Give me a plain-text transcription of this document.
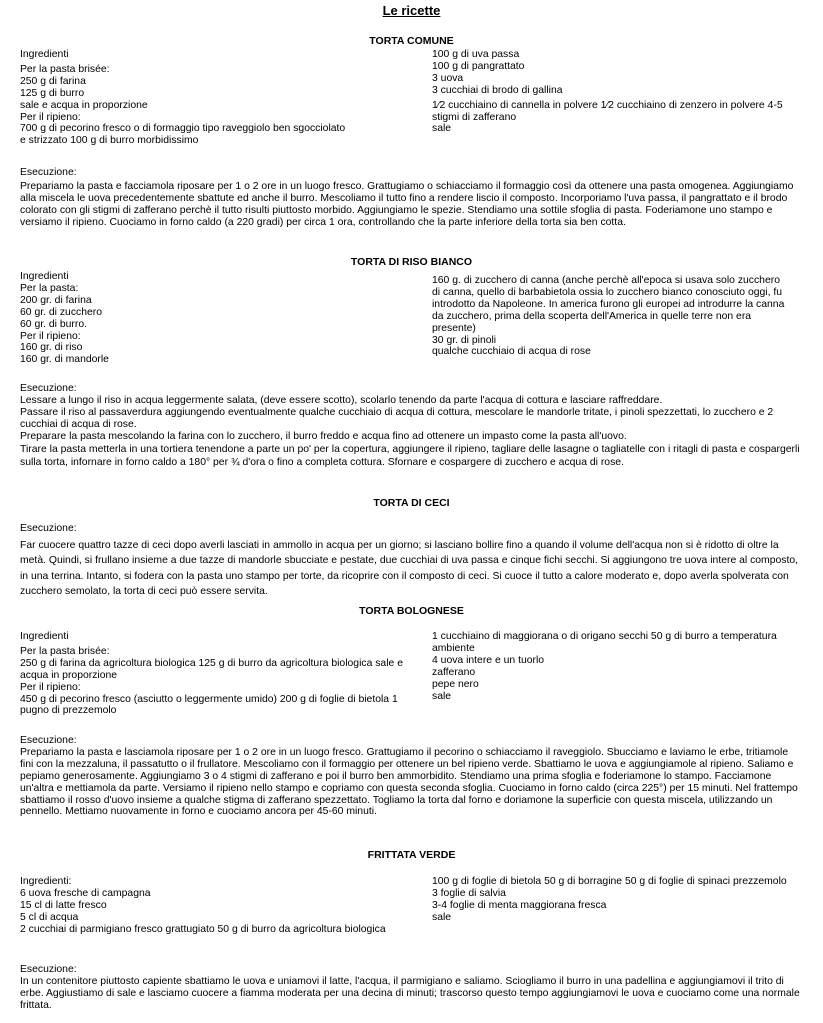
Le ricette
TORTA COMUNE
Ingredienti
Per la pasta brisée:
250 g di farina
125 g di burro
sale e acqua in proporzione
Per il ripieno:
700 g di pecorino fresco o di formaggio tipo raveggiolo ben sgocciolato
e strizzato 100 g di burro morbidissimo
100 g di uva passa
100 g di pangrattato
3 uova
3 cucchiai di brodo di gallina
1⁄2 cucchiaino di cannella in polvere 1⁄2 cucchiaino di zenzero in polvere 4-5 stigmi di zafferano
sale
Esecuzione:
Prepariamo la pasta e facciamola riposare per 1 o 2 ore in un luogo fresco. Grattugiamo o schiacciamo il formaggio così da ottenere una pasta omogenea. Aggiungiamo alla miscela le uova precedentemente sbattute ed anche il burro. Mescoliamo il tutto fino a rendere liscio il composto. Incorporiamo l'uva passa, il pangrattato e il brodo colorato con gli stigmi di zafferano perchè il tutto risulti piuttosto morbido. Aggiungiamo le spezie. Stendiamo una sottile sfoglia di pasta. Foderiamone uno stampo e versiamo il ripieno. Cuociamo in forno caldo (a 220 gradi) per circa 1 ora, controllando che la parte inferiore della torta sia ben cotta.
TORTA DI RISO BIANCO
Ingredienti
Per la pasta:
200 gr. di farina
60 gr. di zucchero
60 gr. di burro.
Per il ripieno:
160 gr. di riso
160 gr. di mandorle
160 g. di zucchero di canna (anche perchè all'epoca si usava solo zucchero di canna, quello di barbabietola ossia lo zucchero bianco conosciuto oggi, fu introdotto da Napoleone. In america furono gli europei ad introdurre la canna da zucchero, prima della scoperta dell'America in quelle terre non era presente)
30 gr. di pinoli
qualche cucchiaio di acqua di rose
Esecuzione:
Lessare a lungo il riso in acqua leggermente salata, (deve essere scotto), scolarlo tenendo da parte l'acqua di cottura e lasciare raffreddare.
Passare il riso al passaverdura aggiungendo eventualmente qualche cucchiaio di acqua di cottura, mescolare le mandorle tritate, i pinoli spezzettati, lo zucchero e 2 cucchiai di acqua di rose.
Preparare la pasta mescolando la farina con lo zucchero, il burro freddo e acqua fino ad ottenere un impasto come la pasta all'uovo.
Tirare la pasta metterla in una tortiera tenendone a parte un po' per la copertura, aggiungere il ripieno, tagliare delle lasagne o tagliatelle con i ritagli di pasta e cospargerli sulla torta, infornare in forno caldo a 180° per ¾ d'ora o fino a completa cottura. Sfornare e cospargere di zucchero e acqua di rose.
TORTA DI CECI
Esecuzione:
Far cuocere quattro tazze di ceci dopo averli lasciati in ammollo in acqua per un giorno; si lasciano bollire fino a quando il volume dell'acqua non si è ridotto di oltre la metà. Quindi, si frullano insieme a due tazze di mandorle sbucciate e pestate, due cucchiai di uva passa e cinque fichi secchi. Si aggiungono tre uova intere al composto, in una terrina. Intanto, si fodera con la pasta uno stampo per torte, da ricoprire con il composto di ceci. Si cuoce il tutto a calore moderato e, dopo averla spolverata con zucchero semolato, la torta di ceci può essere servita.
TORTA BOLOGNESE
Ingredienti
Per la pasta brisée:
250 g di farina da agricoltura biologica 125 g di burro da agricoltura biologica sale e acqua in proporzione
Per il ripieno:
450 g di pecorino fresco (asciutto o leggermente umido) 200 g di foglie di bietola 1 pugno di prezzemolo
1 cucchiaino di maggiorana o di origano secchi 50 g di burro a temperatura ambiente
4 uova intere e un tuorlo
zafferano
pepe nero
sale
Esecuzione:
Prepariamo la pasta e lasciamola riposare per 1 o 2 ore in un luogo fresco. Grattugiamo il pecorino o schiacciamo il raveggiolo. Sbucciamo e laviamo le erbe, tritiamole fini con la mezzaluna, il passatutto o il frullatore. Mescoliamo con il formaggio per ottenere un bel ripieno verde. Sbattiamo le uova e aggiungiamole al ripieno. Saliamo e pepiamo generosamente. Aggiungiamo 3 o 4 stigmi di zafferano e poi il burro ben ammorbidito. Stendiamo una prima sfoglia e foderiamone lo stampo. Facciamone un'altra e mettiamola da parte. Versiamo il ripieno nello stampo e copriamo con questa seconda sfoglia. Cuociamo in forno caldo (circa 225°) per 15 minuti. Nel frattempo sbattiamo il rosso d'uovo insieme a qualche stigma di zafferano spezzettato. Togliamo la torta dal forno e doriamone la superficie con questa miscela, utilizzando un pennello. Mettiamo nuovamente in forno e cuociamo ancora per 45-60 minuti.
FRITTATA VERDE
Ingredienti:
6 uova fresche di campagna
15 cl di latte fresco
5 cl di acqua
2 cucchiai di parmigiano fresco grattugiato 50 g di burro da agricoltura biologica
100 g di foglie di bietola 50 g di borragine 50 g di foglie di spinaci prezzemolo
3 foglie di salvia
3-4 foglie di menta maggiorana fresca
sale
Esecuzione:
In un contenitore piuttosto capiente sbattiamo le uova e uniamovi il latte, l'acqua, il parmigiano e saliamo. Sciogliamo il burro in una padellina e aggiungiamovi il trito di erbe. Aggiustiamo di sale e lasciamo cuocere a fiamma moderata per una decina di minuti; trascorso questo tempo aggiungiamovi le uova e cuociamo come una normale frittata.
